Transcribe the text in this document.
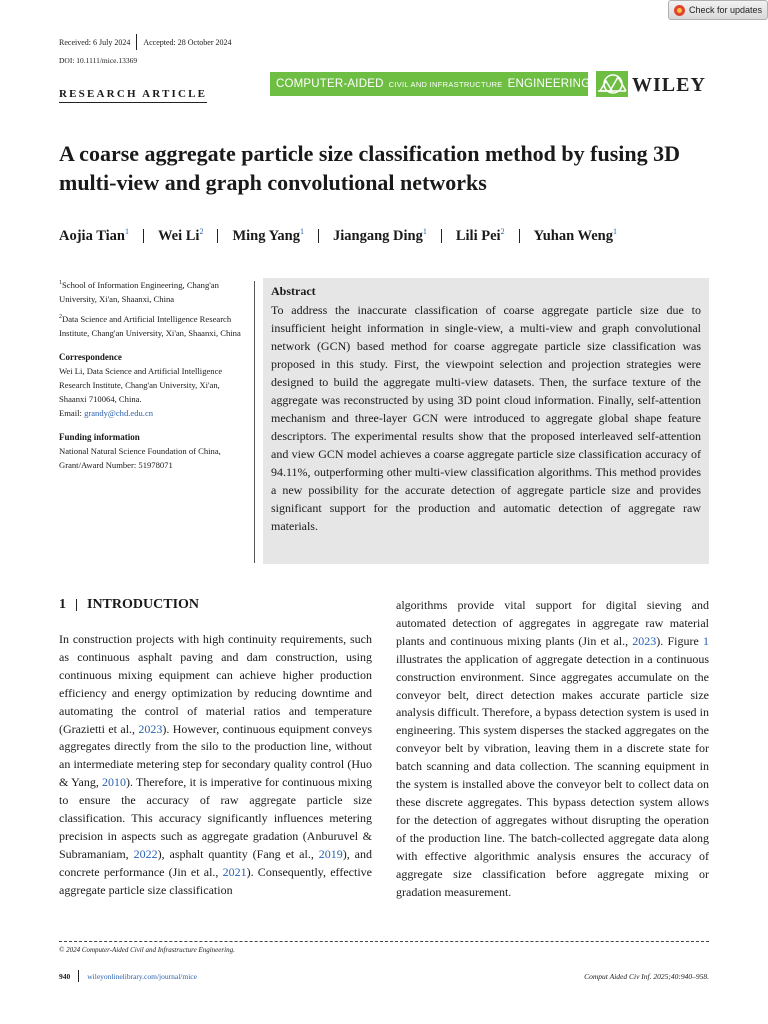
Check for updates
Received: 6 July 2024 Accepted: 28 October 2024
DOI: 10.1111/mice.13369
RESEARCH ARTICLE
COMPUTER-AIDED CIVIL AND INFRASTRUCTURE ENGINEERING WILEY
A coarse aggregate particle size classification method by fusing 3D multi-view and graph convolutional networks
Aojia Tian$^1$ Wei Li$^2$ Ming Yang$^1$ Jiangang Ding$^1$ Lili Pei$^2$ Yuhan Weng$^1$

$^1$School of Information Engineering, Chang'an University, Xi'an, Shaanxi, China

$^2$Data Science and Artificial Intelligence Research Institute, Chang'an University, Xi'an, Shaanxi, China

Correspondence

Wei Li, Data Science and Artificial Intelligence Research Institute, Chang'an University, Xi'an, Shaanxi 710064, China.
Email: grandy@chd.edu.cn

Funding information

National Natural Science Foundation of China, Grant/Award Number: 51978071

Abstract

To address the inaccurate classification of coarse aggregate particle size due to insufficient height information in single-view, a multi-view and graph convolutional network (GCN) based method for coarse aggregate particle size classification was proposed in this study. First, the viewpoint selection and projection strategies were designed to build the aggregate multi-view datasets. Then, the surface texture of the aggregate was reconstructed by using 3D point cloud information. Finally, self-attention mechanism and three-layer GCN were introduced to aggregate global shape feature descriptors. The experimental results show that the proposed interleaved self-attention and view GCN model achieves a coarse aggregate particle size classification accuracy of 94.11%, outperforming other multi-view classification algorithms. This method provides a new possibility for the accurate detection of aggregate particle size and provides significant support for the production and automatic detection of aggregate raw materials.

1 INTRODUCTION
In construction projects with high continuity requirements, such as continuous asphalt paving and dam construction, using continuous mixing equipment can achieve higher production efficiency and energy optimization by reducing downtime and automating the control of material ratios and temperature (Grazietti et al., 2023). However, continuous equipment conveys aggregates directly from the silo to the production line, without an intermediate metering step for secondary quality control (Huo & Yang, 2010). Therefore, it is imperative for continuous mixing to ensure the accuracy of raw aggregate particle size classification. This accuracy significantly influences metering precision in aspects such as aggregate gradation (Anburuvel & Subramaniam, 2022), asphalt quantity (Fang et al., 2019), and concrete performance (Jin et al., 2021). Consequently, effective aggregate particle size classification
algorithms provide vital support for digital sieving and automated detection of aggregates in aggregate raw material plants and continuous mixing plants (Jin et al., 2023). Figure 1 illustrates the application of aggregate detection in a continuous construction environment. Since aggregates accumulate on the conveyor belt, direct detection makes accurate particle size analysis difficult. Therefore, a bypass detection system is used in engineering. This system disperses the stacked aggregates on the conveyor belt by vibration, leaving them in a discrete state for batch scanning and data collection. The scanning equipment in the system is installed above the conveyor belt to collect data on these discrete aggregates. This bypass detection system allows for the detection of aggregates without disrupting the operation of the production line. The batch-collected aggregate data along with effective algorithmic analysis ensures the accuracy of aggregate size classification before aggregate mixing or gradation measurement.
© 2024 Computer-Aided Civil and Infrastructure Engineering.
940 wileyonlinelibrary.com/journal/mice	Comput Aided Civ Inf. 2025;40:940–958.
